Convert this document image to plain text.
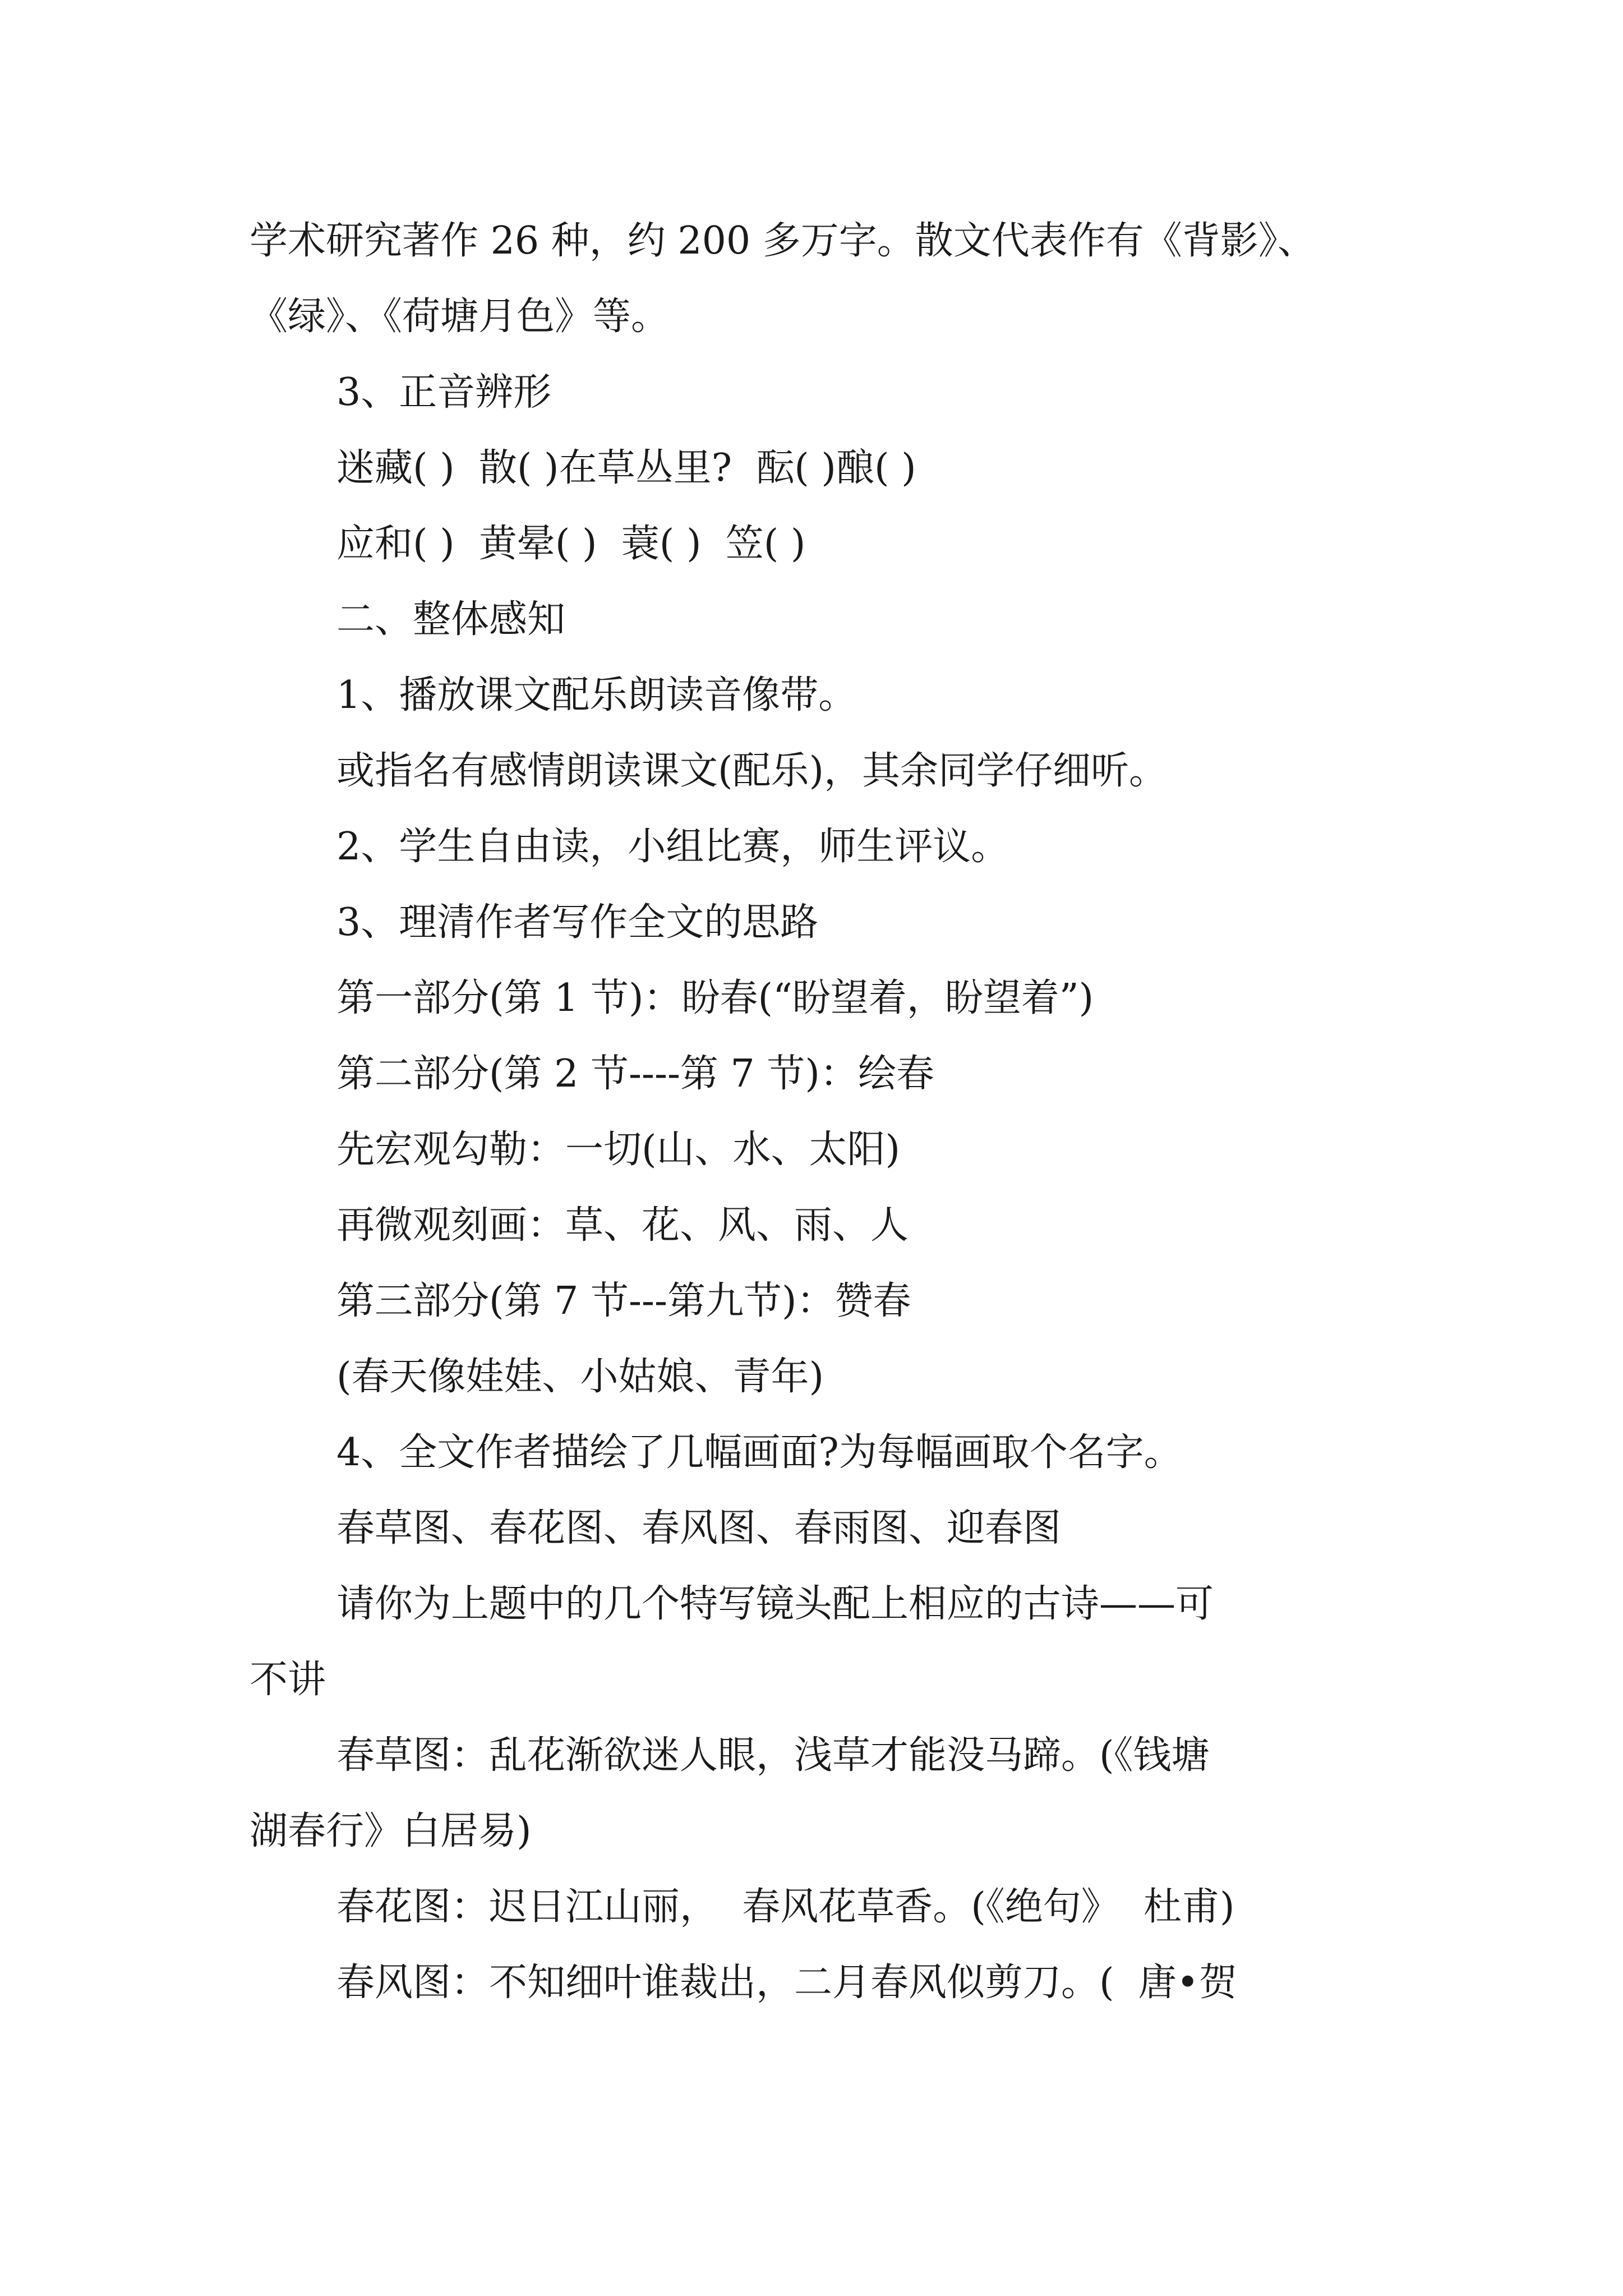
学术研究著作 26 种，约 200 多万字。散文代表作有《背影》、
《绿》、《荷塘月色》等。
3、正音辨形
迷藏( )  散( )在草丛里?  酝( )酿( )
应和( )  黄晕( )  蓑( )  笠( )
二、整体感知
1、播放课文配乐朗读音像带。
或指名有感情朗读课文(配乐)，其余同学仔细听。
2、学生自由读，小组比赛，师生评议。
3、理清作者写作全文的思路
第一部分(第 1 节)：盼春(“盼望着，盼望着”)
第二部分(第 2 节----第 7 节)：绘春
先宏观勾勒：一切(山、水、太阳)
再微观刻画：草、花、风、雨、人
第三部分(第 7 节---第九节)：赞春
(春天像娃娃、小姑娘、青年)
4、全文作者描绘了几幅画面?为每幅画取个名字。
春草图、春花图、春风图、春雨图、迎春图
请你为上题中的几个特写镜头配上相应的古诗——可
不讲
春草图：乱花渐欲迷人眼，浅草才能没马蹄。(《钱塘
湖春行》白居易)
春花图：迟日江山丽，  春风花草香。(《绝句》  杜甫)
春风图：不知细叶谁裁出，二月春风似剪刀。(  唐•贺
